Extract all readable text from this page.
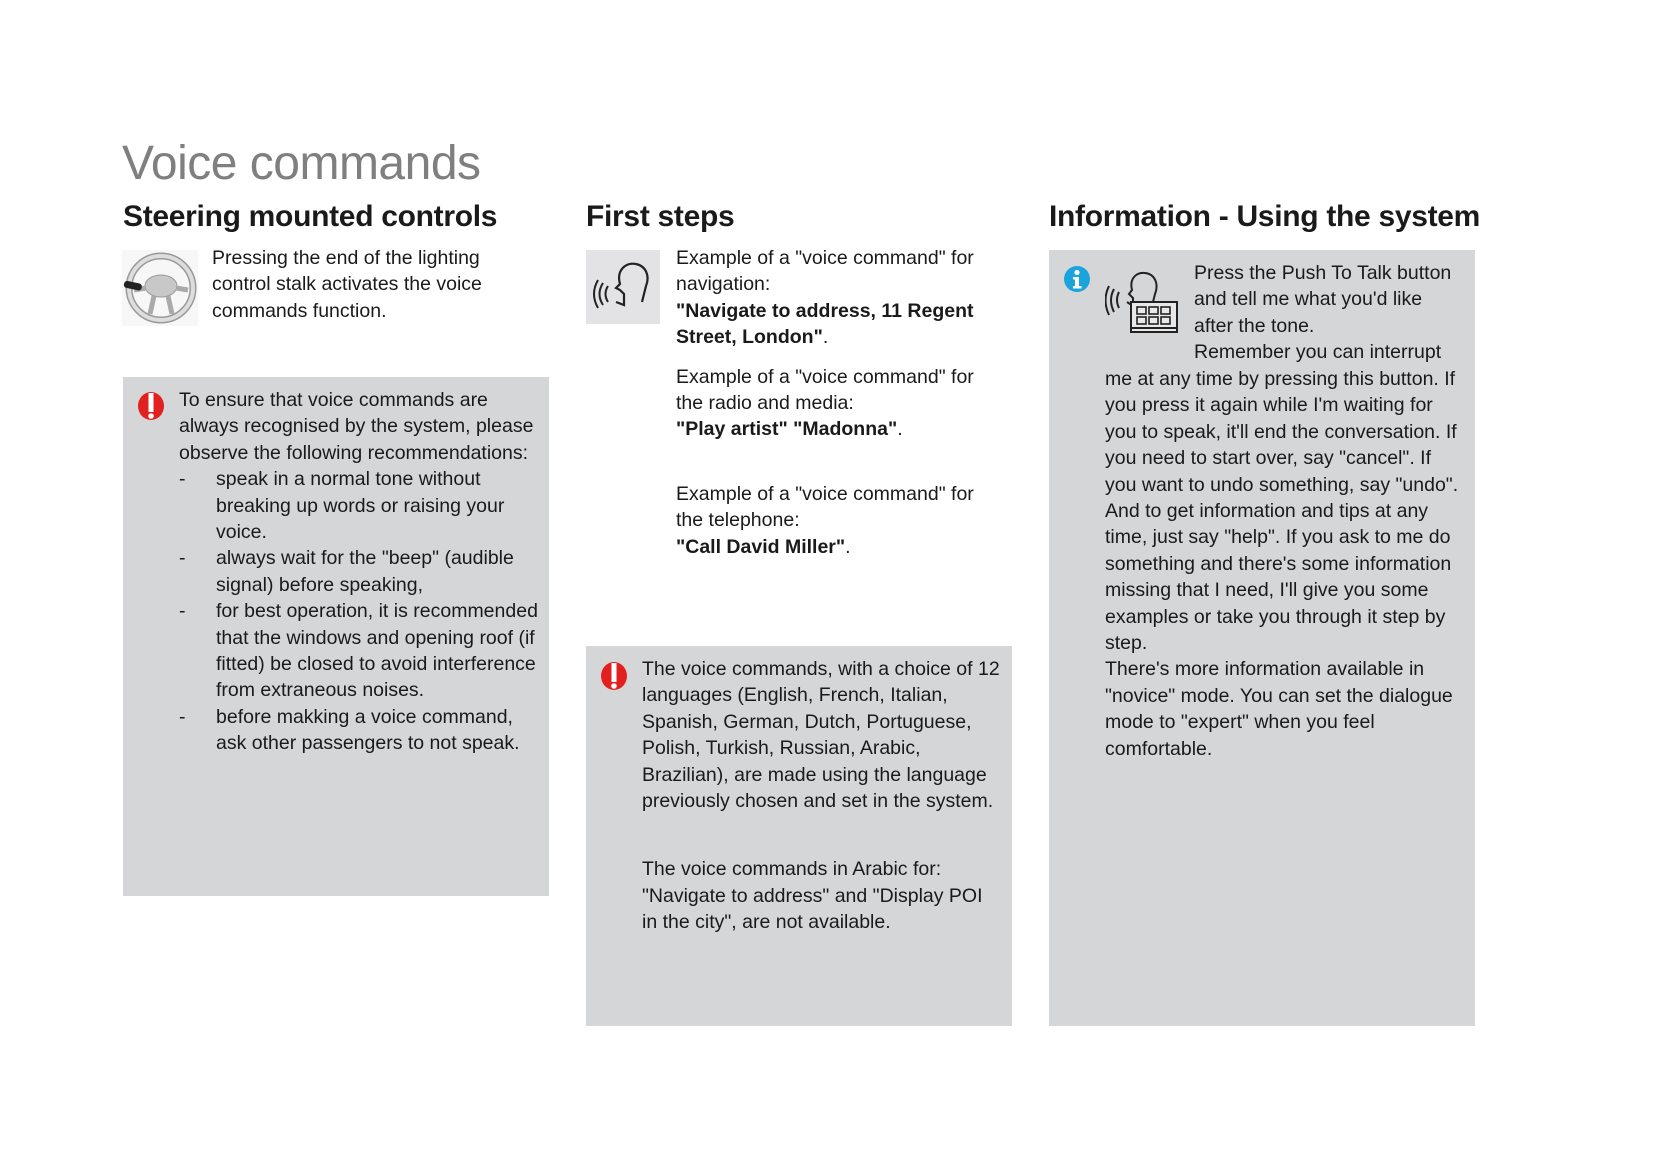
Voice commands
Steering mounted controls

Pressing the end of the lighting control stalk activates the voice commands function.

To ensure that voice commands are always recognised by the system, please observe the following recommendations:

- speak in a normal tone without breaking up words or raising your voice.
- always wait for the "beep" (audible signal) before speaking,
- for best operation, it is recommended that the windows and opening roof (if fitted) be closed to avoid interference from extraneous noises.
- before makking a voice command, ask other passengers to not speak.
First steps

Example of a "voice command" for navigation:

"Navigate to address, 11 Regent Street, London".

Example of a "voice command" for the radio and media:

"Play artist" "Madonna".

Example of a "voice command" for the telephone:

"Call David Miller".

The voice commands, with a choice of 12 languages (English, French, Italian, Spanish, German, Dutch, Portuguese, Polish, Turkish, Russian, Arabic, Brazilian), are made using the language previously chosen and set in the system.

The voice commands in Arabic for: "Navigate to address" and "Display POI in the city", are not available.

Information - Using the system

Press the Push To Talk button and tell me what you'd like after the tone.

Remember you can interrupt

me at any time by pressing this button. If you press it again while I'm waiting for you to speak, it'll end the conversation. If you need to start over, say "cancel". If you want to undo something, say "undo".

And to get information and tips at any time, just say "help". If you ask to me do something and there's some information missing that I need, I'll give you some examples or take you through it step by step.

There's more information available in "novice" mode. You can set the dialogue mode to "expert" when you feel comfortable.
